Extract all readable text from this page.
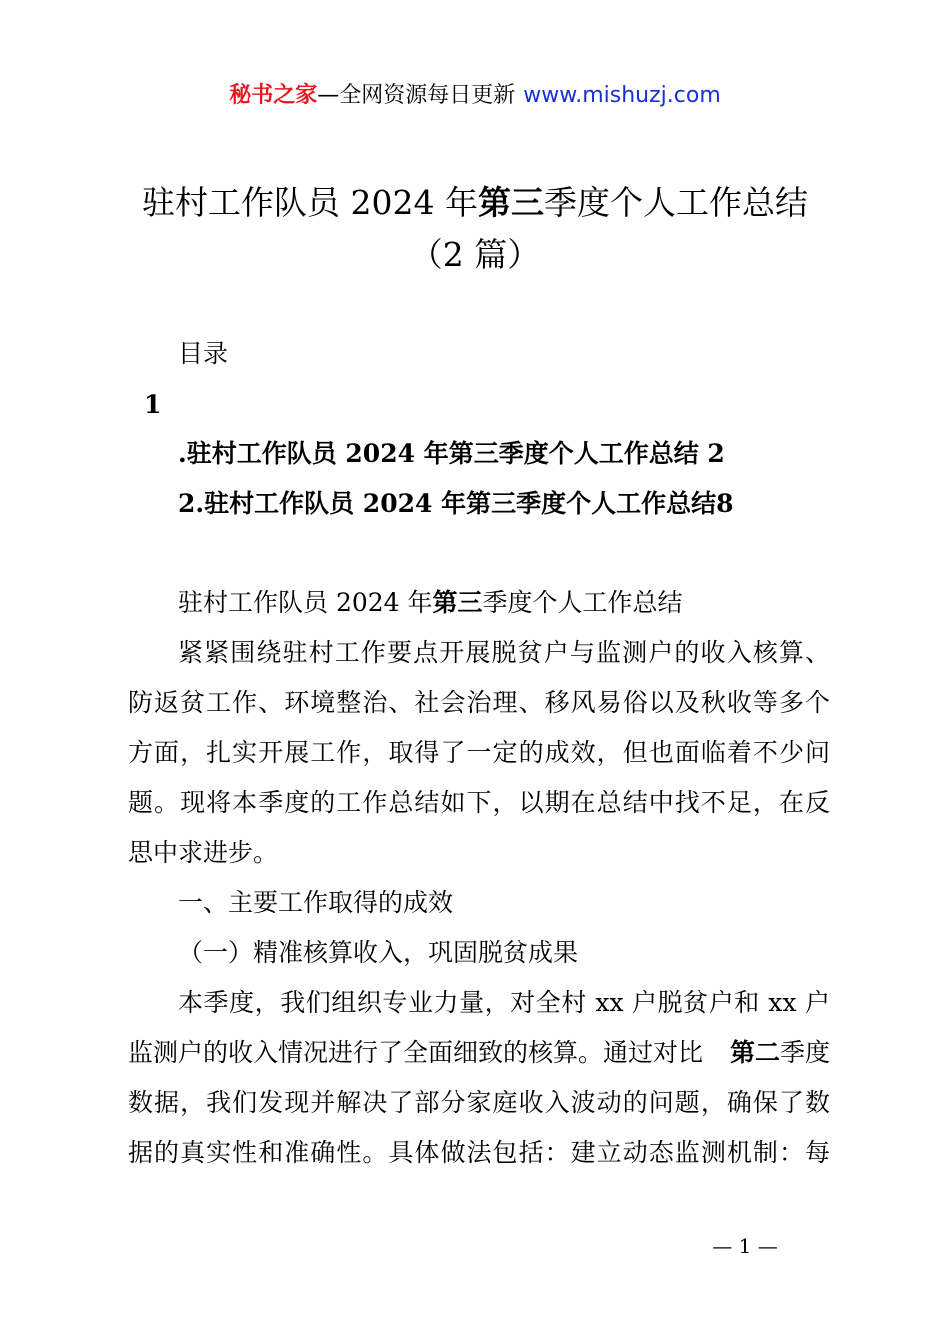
秘书之家—全网资源每日更新 www.mishuzj.com
驻村工作队员 2024 年第三季度个人工作总结
（2 篇）
目录
1
.驻村工作队员 2024 年第三季度个人工作总结 2
2.驻村工作队员 2024 年第三季度个人工作总结8
驻村工作队员 2024 年第三季度个人工作总结
紧紧围绕驻村工作要点开展脱贫户与监测户的收入核算、
防返贫工作、环境整治、社会治理、移风易俗以及秋收等多个
方面，扎实开展工作，取得了一定的成效，但也面临着不少问
题。现将本季度的工作总结如下，以期在总结中找不足，在反
思中求进步。
一、主要工作取得的成效
（一）精准核算收入，巩固脱贫成果
本季度，我们组织专业力量，对全村 xx 户脱贫户和 xx 户
监测户的收入情况进行了全面细致的核算。通过对比 第二季度
数据，我们发现并解决了部分家庭收入波动的问题，确保了数
据的真实性和准确性。具体做法包括：建立动态监测机制：每
— 1 —
